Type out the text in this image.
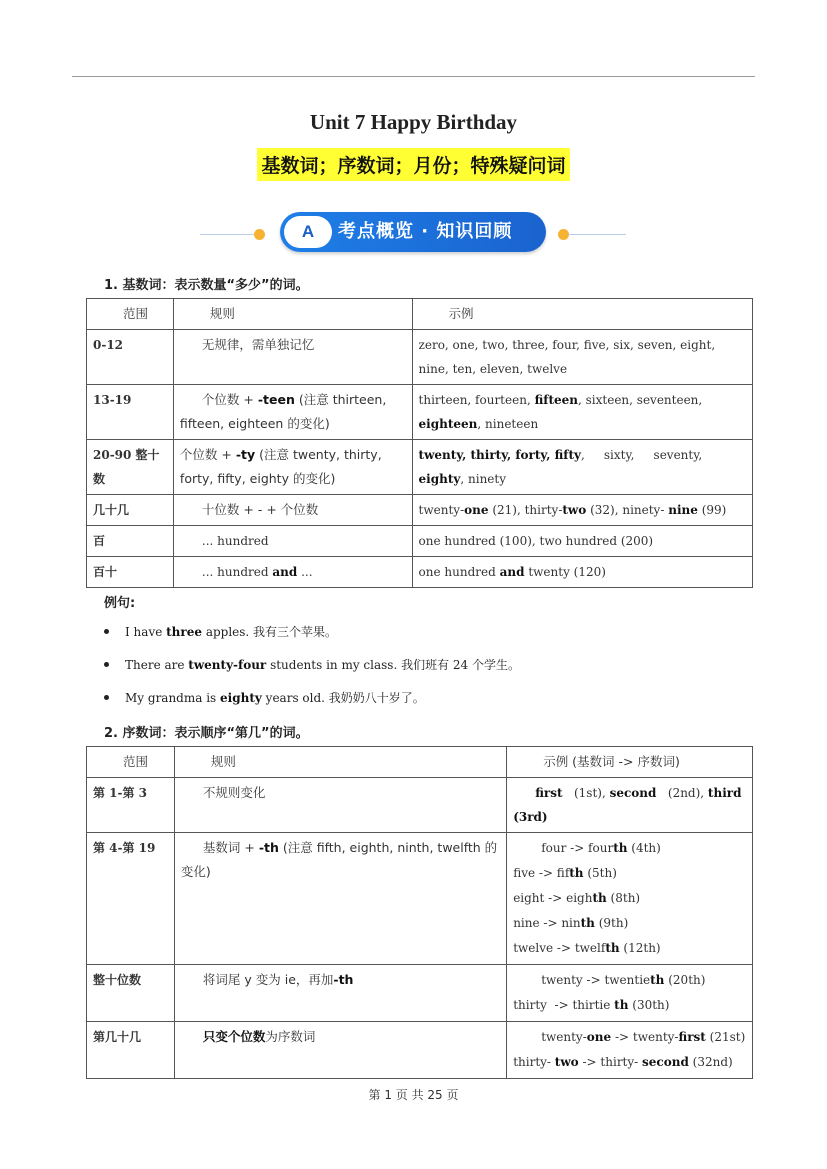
Unit 7 Happy Birthday
基数词；序数词；月份；特殊疑问词
A	考点概览 · 知识回顾
1. 基数词：表示数量“多少”的词。
范围	规则	示例
0-12	无规律，需单独记忆	zero, one, two, three, four, five, six, seven, eight, nine, ten, eleven, twelve
13-19	个位数 + -teen (注意 thirteen, fifteen, eighteen 的变化)	thirteen, fourteen, fifteen, sixteen, seventeen, eighteen, nineteen
20-90 整十数	个位数 + -ty (注意 twenty, thirty, forty, fifty, eighty 的变化)	twenty, thirty, forty, fifty,     sixty,     seventy, eighty, ninety
几十几	十位数 + - + 个位数	twenty-one (21), thirty-two (32), ninety- nine (99)
百	... hundred	one hundred (100), two hundred (200)
百十	... hundred and ...	one hundred and twenty (120)
例句:
I have three apples. 我有三个苹果。
There are twenty-four students in my class. 我们班有 24 个学生。
My grandma is eighty years old. 我奶奶八十岁了。
2. 序数词：表示顺序“第几”的词。
范围	规则	示例 (基数词 -> 序数词)
第 1-第 3	不规则变化	first   (1st), second   (2nd), third
(3rd)
第 4-第 19	基数词 + -th (注意 fifth, eighth, ninth, twelfth 的变化)	four -> fourth (4th)
five -> fifth (5th)
eight -> eighth (8th)
nine -> ninth (9th)
twelve -> twelfth (12th)

整十位数	将词尾 y 变为 ie，再加-th	twenty -> twentieth (20th)
thirty  -> thirtie th (30th)

第几十几	只变个位数为序数词	twenty-one -> twenty-first (21st)
thirty- two -> thirty- second (32nd)
第 1 页 共 25 页
